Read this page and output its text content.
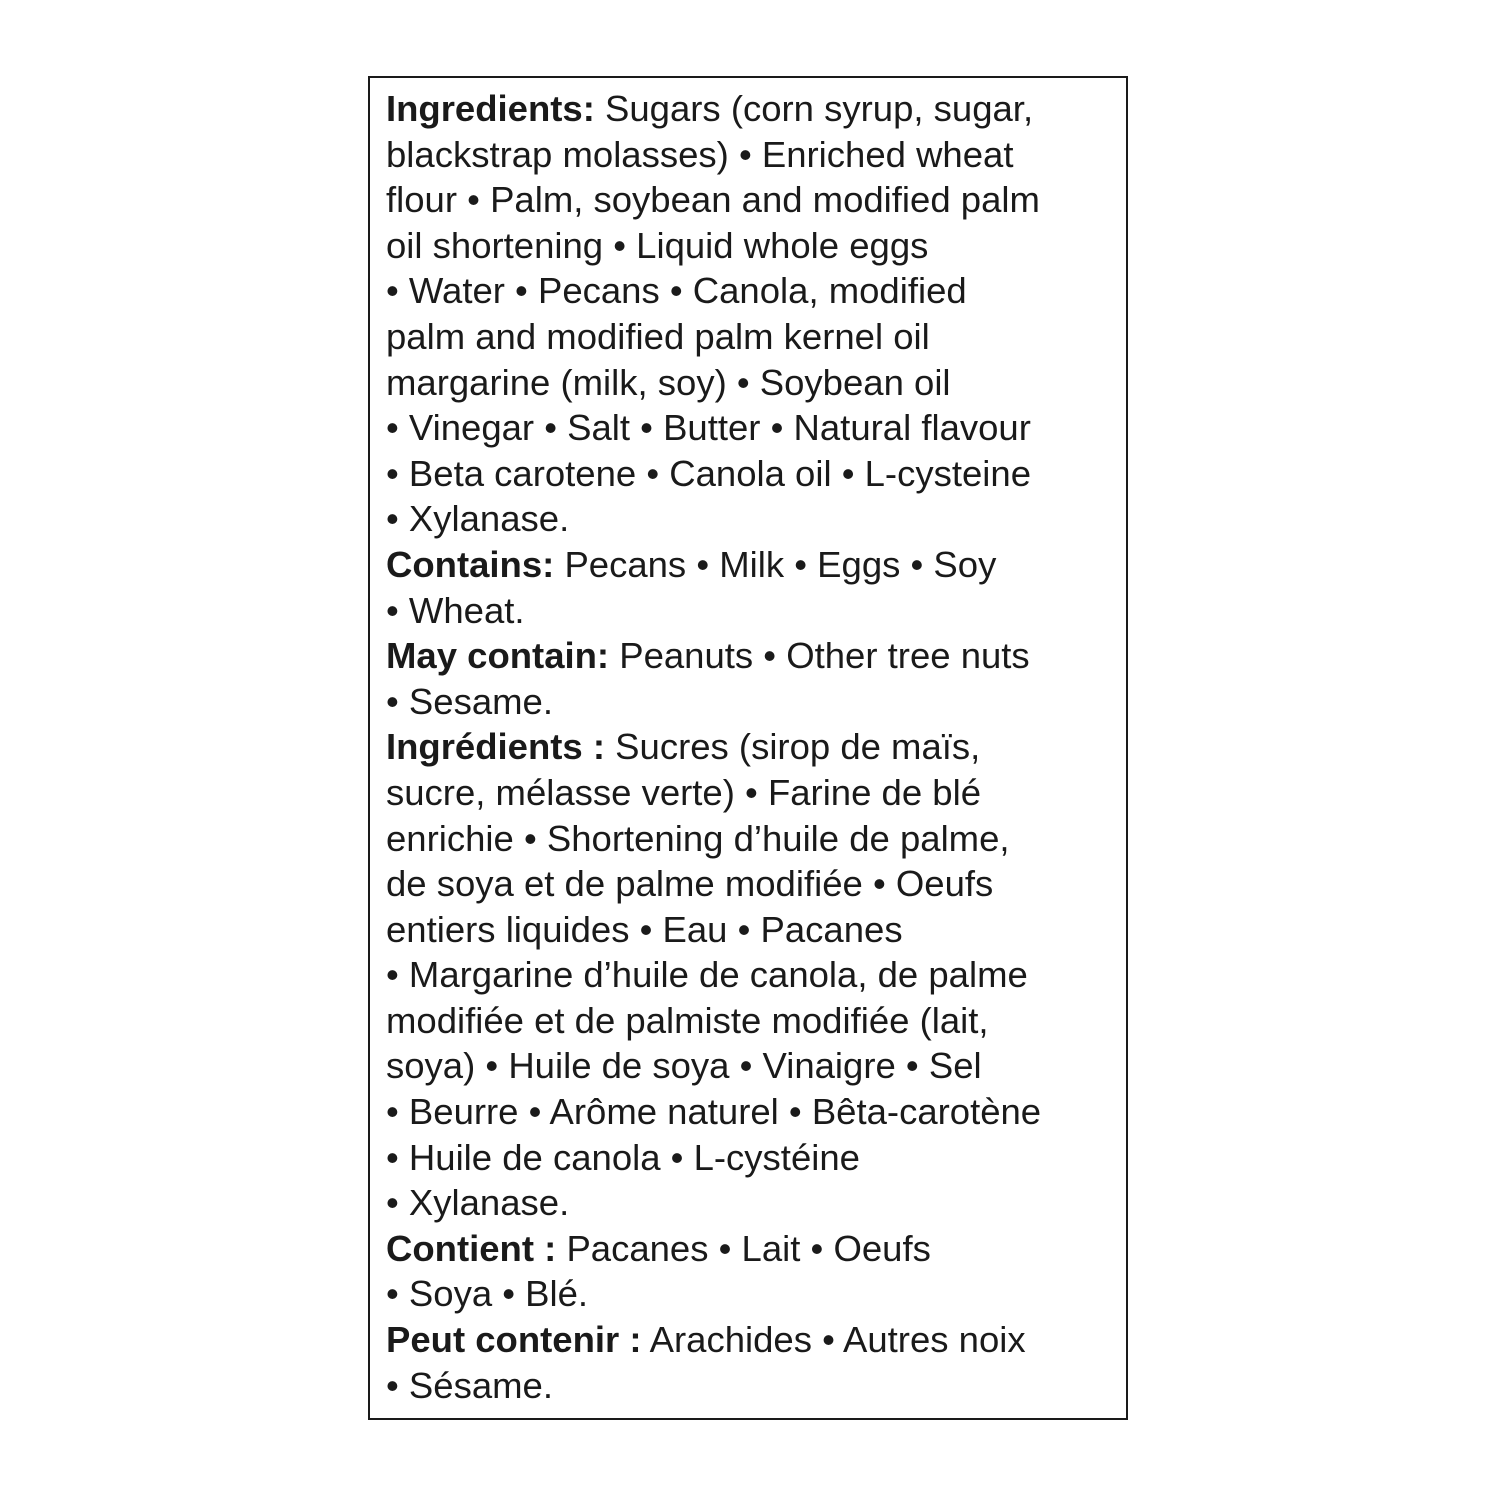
Ingredients: Sugars (corn syrup, sugar,
blackstrap molasses) • Enriched wheat
flour • Palm, soybean and modified palm
oil shortening • Liquid whole eggs
• Water • Pecans • Canola, modified
palm and modified palm kernel oil
margarine (milk, soy) • Soybean oil
• Vinegar • Salt • Butter • Natural flavour
• Beta carotene • Canola oil • L-cysteine
• Xylanase.
Contains: Pecans • Milk • Eggs • Soy
• Wheat.
May contain: Peanuts • Other tree nuts
• Sesame.
Ingrédients : Sucres (sirop de maïs,
sucre, mélasse verte) • Farine de blé
enrichie • Shortening d’huile de palme,
de soya et de palme modifiée • Oeufs
entiers liquides • Eau • Pacanes
• Margarine d’huile de canola, de palme
modifiée et de palmiste modifiée (lait,
soya) • Huile de soya • Vinaigre • Sel
• Beurre • Arôme naturel • Bêta-carotène
• Huile de canola • L-cystéine
• Xylanase.
Contient : Pacanes • Lait • Oeufs
• Soya • Blé.
Peut contenir : Arachides • Autres noix
• Sésame.
